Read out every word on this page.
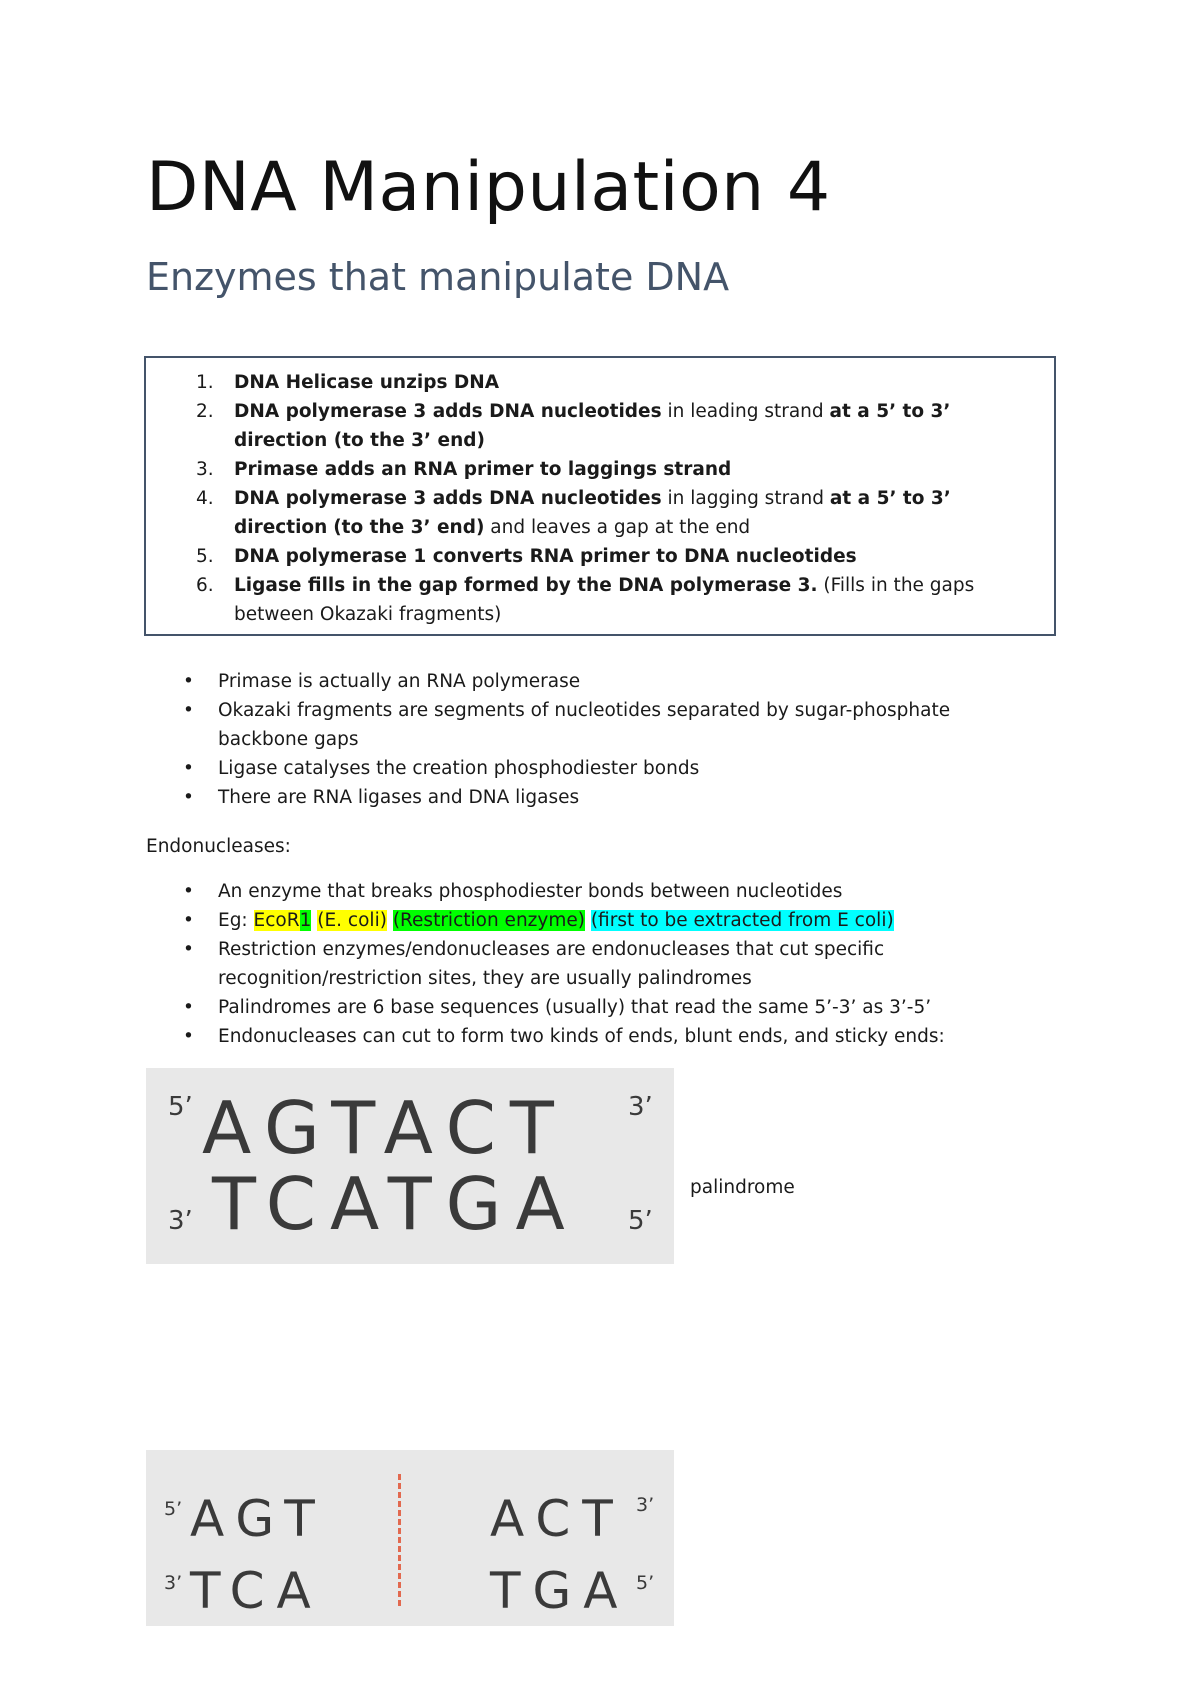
DNA Manipulation 4
Enzymes that manipulate DNA
1.	DNA Helicase unzips DNA
2.	DNA polymerase 3 adds DNA nucleotides in leading strand at a 5’ to 3’ direction (to the 3’ end)
3.	Primase adds an RNA primer to laggings strand
4.	DNA polymerase 3 adds DNA nucleotides in lagging strand at a 5’ to 3’ direction (to the 3’ end) and leaves a gap at the end
5.	DNA polymerase 1 converts RNA primer to DNA nucleotides
6.	Ligase fills in the gap formed by the DNA polymerase 3. (Fills in the gaps between Okazaki fragments)
• Primase is actually an RNA polymerase
• Okazaki fragments are segments of nucleotides separated by sugar-phosphate backbone gaps
• Ligase catalyses the creation phosphodiester bonds
• There are RNA ligases and DNA ligases

Endonucleases:

• An enzyme that breaks phosphodiester bonds between nucleotides
• Eg: EcoR1 (E. coli) (Restriction enzyme) (first to be extracted from E coli)
• Restriction enzymes/endonucleases are endonucleases that cut specific recognition/restriction sites, they are usually palindromes
• Palindromes are 6 base sequences (usually) that read the same 5’-3’ as 3’-5’
• Endonucleases can cut to form two kinds of ends, blunt ends, and sticky ends:
5’ AGTACT 3’
3’ TCATGA 5’
palindrome
5’ AGT
3’ TCA
ACT 3’
TGA 5’
